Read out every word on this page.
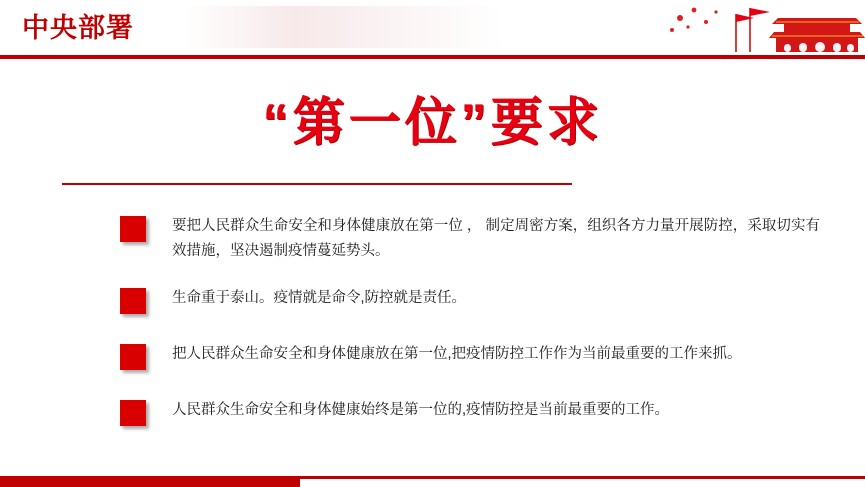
中央部署
“第一位”要求
要把人民群众生命安全和身体健康放在第一位 ， 制定周密方案，组织各方力量开展防控，采取切实有效措施，坚决遏制疫情蔓延势头。
生命重于泰山。疫情就是命令,防控就是责任。
把人民群众生命安全和身体健康放在第一位,把疫情防控工作作为当前最重要的工作来抓。
人民群众生命安全和身体健康始终是第一位的,疫情防控是当前最重要的工作。
